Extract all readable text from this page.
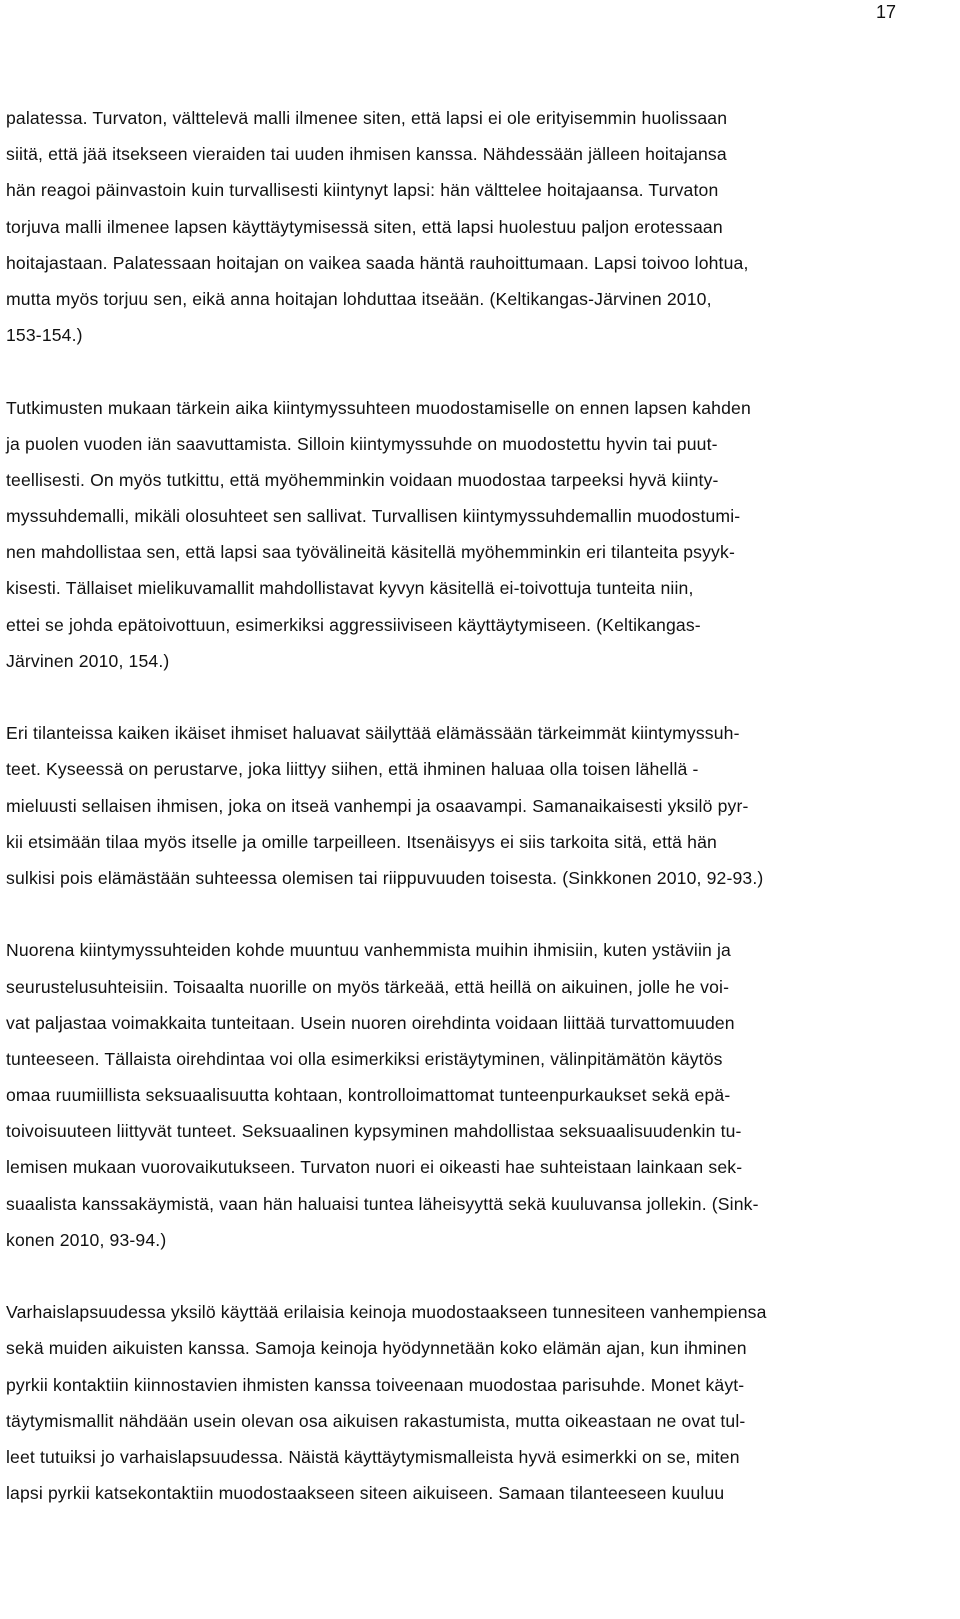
17
palatessa. Turvaton, välttelevä malli ilmenee siten, että lapsi ei ole erityisemmin huolissaan
siitä, että jää itsekseen vieraiden tai uuden ihmisen kanssa. Nähdessään jälleen hoitajansa
hän reagoi päinvastoin kuin turvallisesti kiintynyt lapsi: hän välttelee hoitajaansa. Turvaton
torjuva malli ilmenee lapsen käyttäytymisessä siten, että lapsi huolestuu paljon erotessaan
hoitajastaan. Palatessaan hoitajan on vaikea saada häntä rauhoittumaan. Lapsi toivoo lohtua,
mutta myös torjuu sen, eikä anna hoitajan lohduttaa itseään. (Keltikangas-Järvinen 2010,
153-154.)
Tutkimusten mukaan tärkein aika kiintymyssuhteen muodostamiselle on ennen lapsen kahden
ja puolen vuoden iän saavuttamista. Silloin kiintymyssuhde on muodostettu hyvin tai puut-
teellisesti. On myös tutkittu, että myöhemminkin voidaan muodostaa tarpeeksi hyvä kiinty-
myssuhdemalli, mikäli olosuhteet sen sallivat. Turvallisen kiintymyssuhdemallin muodostumi-
nen mahdollistaa sen, että lapsi saa työvälineitä käsitellä myöhemminkin eri tilanteita psyyk-
kisesti. Tällaiset mielikuvamallit mahdollistavat kyvyn käsitellä ei-toivottuja tunteita niin,
ettei se johda epätoivottuun, esimerkiksi aggressiiviseen käyttäytymiseen. (Keltikangas-
Järvinen 2010, 154.)
Eri tilanteissa kaiken ikäiset ihmiset haluavat säilyttää elämässään tärkeimmät kiintymyssuh-
teet. Kyseessä on perustarve, joka liittyy siihen, että ihminen haluaa olla toisen lähellä -
mieluusti sellaisen ihmisen, joka on itseä vanhempi ja osaavampi. Samanaikaisesti yksilö pyr-
kii etsimään tilaa myös itselle ja omille tarpeilleen. Itsenäisyys ei siis tarkoita sitä, että hän
sulkisi pois elämästään suhteessa olemisen tai riippuvuuden toisesta. (Sinkkonen 2010, 92-93.)
Nuorena kiintymyssuhteiden kohde muuntuu vanhemmista muihin ihmisiin, kuten ystäviin ja
seurustelusuhteisiin. Toisaalta nuorille on myös tärkeää, että heillä on aikuinen, jolle he voi-
vat paljastaa voimakkaita tunteitaan. Usein nuoren oirehdinta voidaan liittää turvattomuuden
tunteeseen. Tällaista oirehdintaa voi olla esimerkiksi eristäytyminen, välinpitämätön käytös
omaa ruumiillista seksuaalisuutta kohtaan, kontrolloimattomat tunteenpurkaukset sekä epä-
toivoisuuteen liittyvät tunteet. Seksuaalinen kypsyminen mahdollistaa seksuaalisuudenkin tu-
lemisen mukaan vuorovaikutukseen. Turvaton nuori ei oikeasti hae suhteistaan lainkaan sek-
suaalista kanssakäymistä, vaan hän haluaisi tuntea läheisyyttä sekä kuuluvansa jollekin. (Sink-
konen 2010, 93-94.)
Varhaislapsuudessa yksilö käyttää erilaisia keinoja muodostaakseen tunnesiteen vanhempiensa
sekä muiden aikuisten kanssa. Samoja keinoja hyödynnetään koko elämän ajan, kun ihminen
pyrkii kontaktiin kiinnostavien ihmisten kanssa toiveenaan muodostaa parisuhde. Monet käyt-
täytymismallit nähdään usein olevan osa aikuisen rakastumista, mutta oikeastaan ne ovat tul-
leet tutuiksi jo varhaislapsuudessa. Näistä käyttäytymismalleista hyvä esimerkki on se, miten
lapsi pyrkii katsekontaktiin muodostaakseen siteen aikuiseen. Samaan tilanteeseen kuuluu
